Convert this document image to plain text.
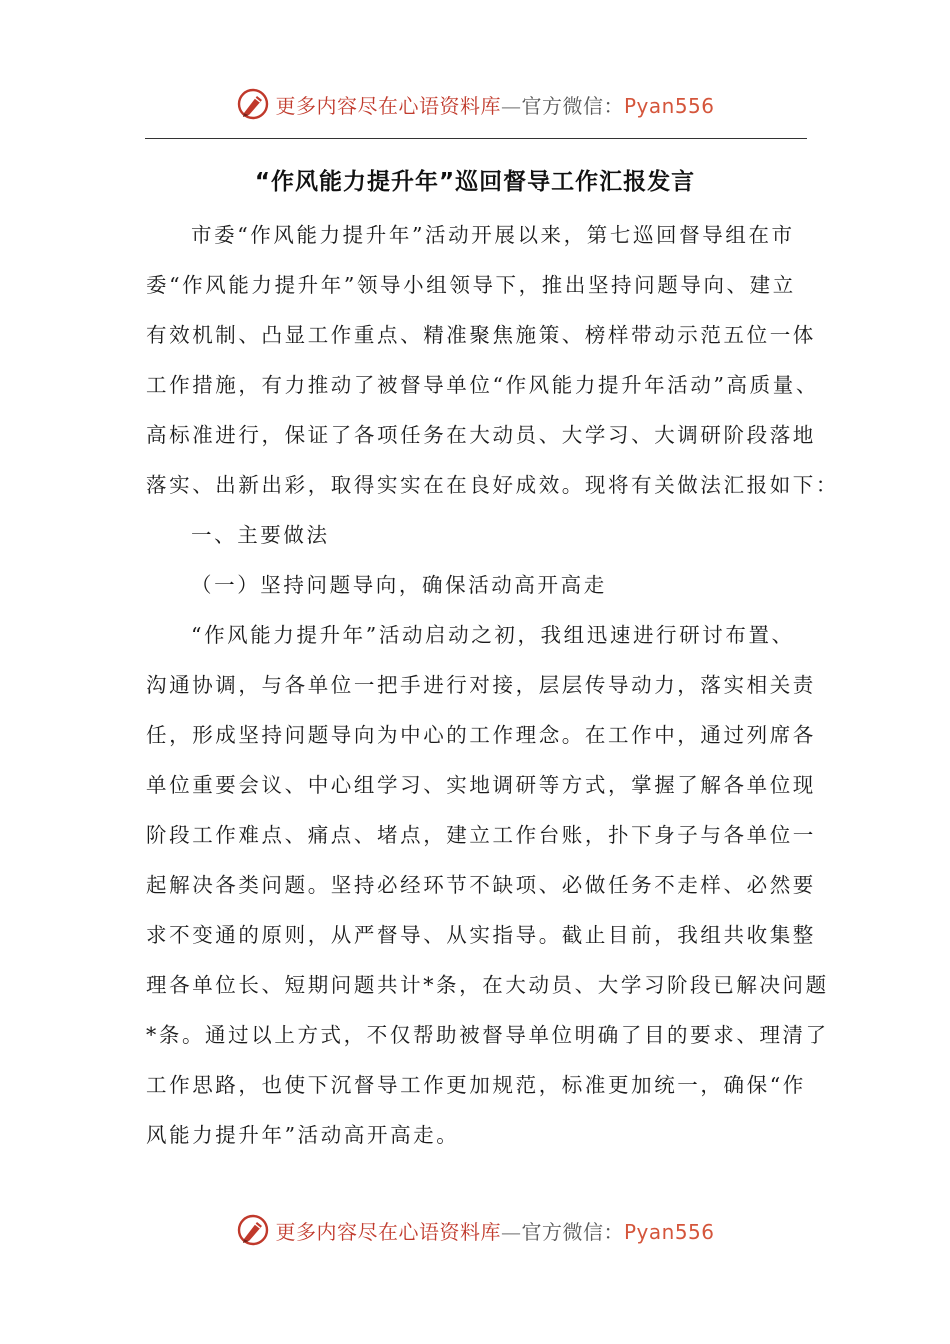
更多内容尽在心语资料库—官方微信：Pyan556
“作风能力提升年”巡回督导工作汇报发言
市委“作风能力提升年”活动开展以来，第七巡回督导组在市
委“作风能力提升年”领导小组领导下，推出坚持问题导向、建立
有效机制、凸显工作重点、精准聚焦施策、榜样带动示范五位一体
工作措施，有力推动了被督导单位“作风能力提升年活动”高质量、
高标准进行，保证了各项任务在大动员、大学习、大调研阶段落地
落实、出新出彩，取得实实在在良好成效。现将有关做法汇报如下：
一、主要做法
（一）坚持问题导向，确保活动高开高走
“作风能力提升年”活动启动之初，我组迅速进行研讨布置、
沟通协调，与各单位一把手进行对接，层层传导动力，落实相关责
任，形成坚持问题导向为中心的工作理念。在工作中，通过列席各
单位重要会议、中心组学习、实地调研等方式，掌握了解各单位现
阶段工作难点、痛点、堵点，建立工作台账，扑下身子与各单位一
起解决各类问题。坚持必经环节不缺项、必做任务不走样、必然要
求不变通的原则，从严督导、从实指导。截止目前，我组共收集整
理各单位长、短期问题共计*条，在大动员、大学习阶段已解决问题
*条。通过以上方式，不仅帮助被督导单位明确了目的要求、理清了
工作思路，也使下沉督导工作更加规范，标准更加统一，确保“作
风能力提升年”活动高开高走。
更多内容尽在心语资料库—官方微信：Pyan556
